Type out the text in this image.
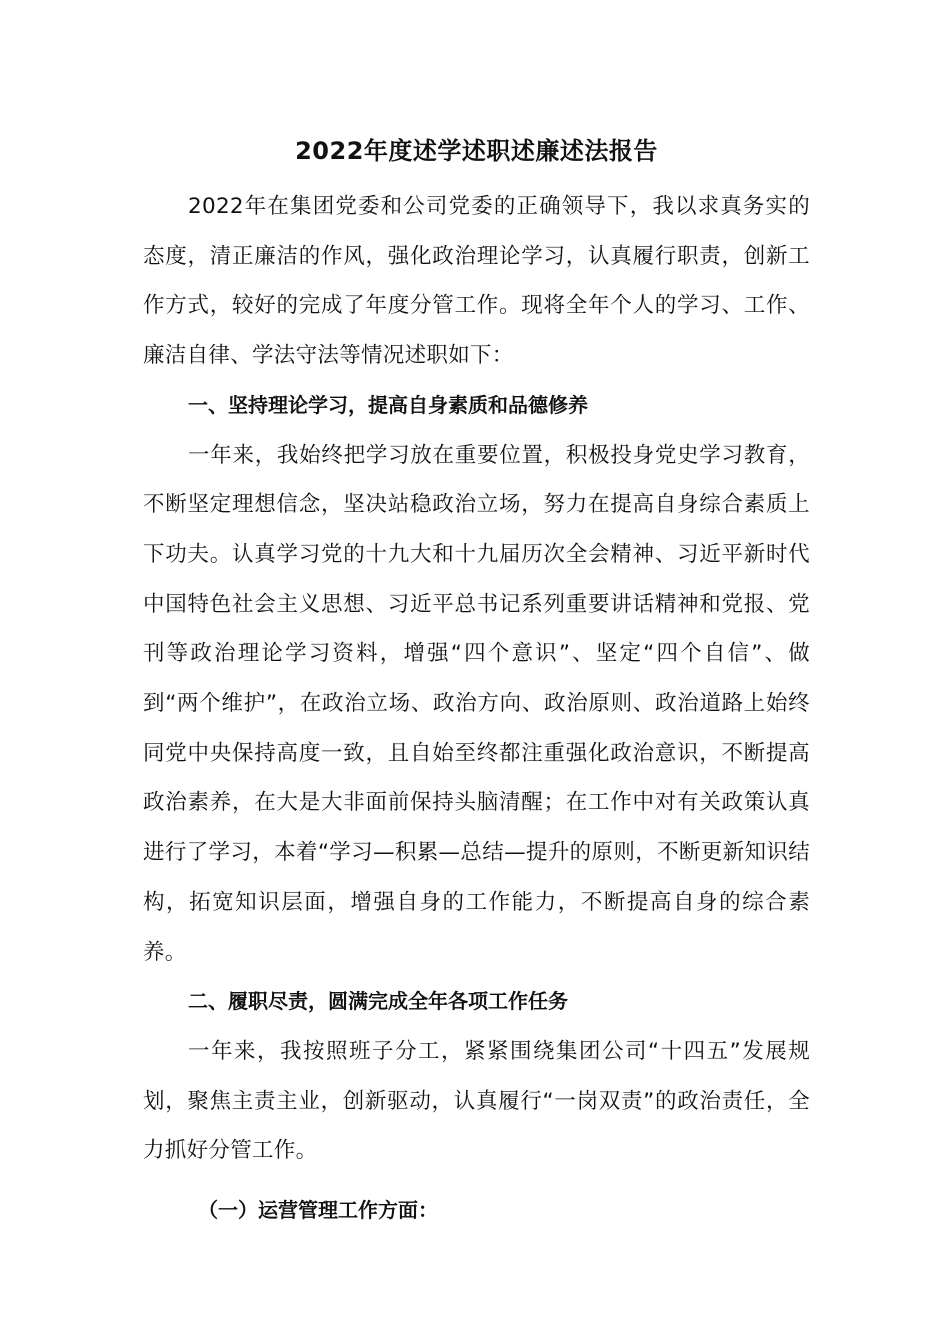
2022年度述学述职述廉述法报告

2022年在集团党委和公司党委的正确领导下，我以求真务实的态度，清正廉洁的作风，强化政治理论学习，认真履行职责，创新工作方式，较好的完成了年度分管工作。现将全年个人的学习、工作、廉洁自律、学法守法等情况述职如下：

一、坚持理论学习，提高自身素质和品德修养

一年来，我始终把学习放在重要位置，积极投身党史学习教育，不断坚定理想信念，坚决站稳政治立场，努力在提高自身综合素质上下功夫。认真学习党的十九大和十九届历次全会精神、习近平新时代中国特色社会主义思想、习近平总书记系列重要讲话精神和党报、党刊等政治理论学习资料，增强“四个意识”、坚定“四个自信”、做到“两个维护”，在政治立场、政治方向、政治原则、政治道路上始终同党中央保持高度一致，且自始至终都注重强化政治意识，不断提高政治素养，在大是大非面前保持头脑清醒；在工作中对有关政策认真进行了学习，本着“学习—积累—总结—提升的原则，不断更新知识结构，拓宽知识层面，增强自身的工作能力，不断提高自身的综合素养。

二、履职尽责，圆满完成全年各项工作任务

一年来，我按照班子分工，紧紧围绕集团公司“十四五”发展规划，聚焦主责主业，创新驱动，认真履行“一岗双责”的政治责任，全力抓好分管工作。

（一）运营管理工作方面：
